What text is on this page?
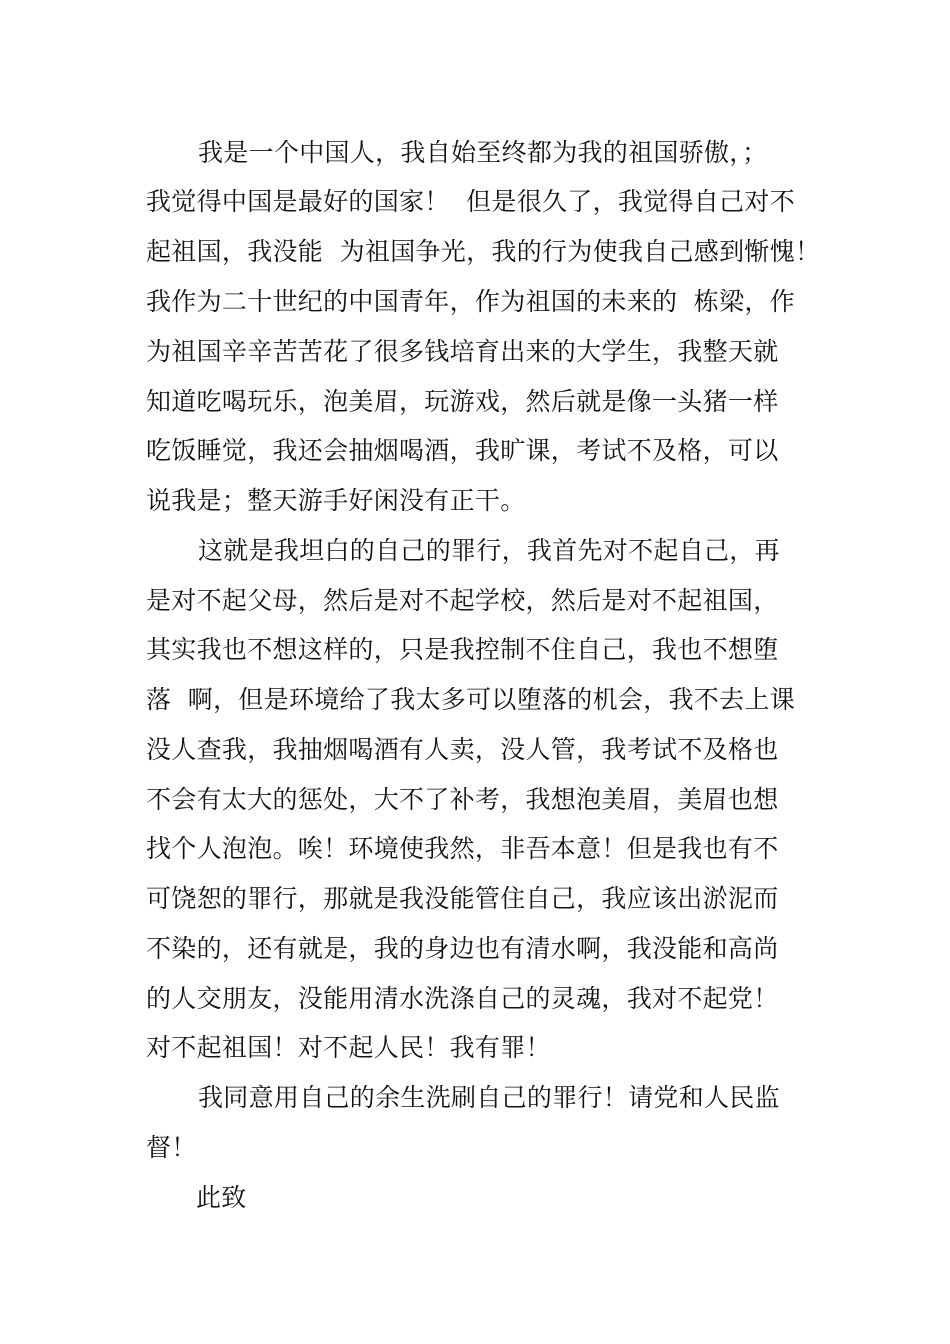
我是一个中国人，我自始至终都为我的祖国骄傲，；
我觉得中国是最好的国家！  但是很久了，我觉得自己对不
起祖国，我没能  为祖国争光，我的行为使我自己感到惭愧！
我作为二十世纪的中国青年，作为祖国的未来的  栋梁，作
为祖国辛辛苦苦花了很多钱培育出来的大学生，我整天就
知道吃喝玩乐，泡美眉，玩游戏，然后就是像一头猪一样
吃饭睡觉，我还会抽烟喝酒，我旷课，考试不及格，可以
说我是；整天游手好闲没有正干。
这就是我坦白的自己的罪行，我首先对不起自己，再
是对不起父母，然后是对不起学校，然后是对不起祖国，
其实我也不想这样的，只是我控制不住自己，我也不想堕
落  啊，但是环境给了我太多可以堕落的机会，我不去上课
没人查我，我抽烟喝酒有人卖，没人管，我考试不及格也
不会有太大的惩处，大不了补考，我想泡美眉，美眉也想
找个人泡泡。唉！环境使我然，非吾本意！但是我也有不
可饶恕的罪行，那就是我没能管住自己，我应该出淤泥而
不染的，还有就是，我的身边也有清水啊，我没能和高尚
的人交朋友，没能用清水洗涤自己的灵魂，我对不起党！
对不起祖国！对不起人民！我有罪！
我同意用自己的余生洗刷自己的罪行！请党和人民监
督！
此致
